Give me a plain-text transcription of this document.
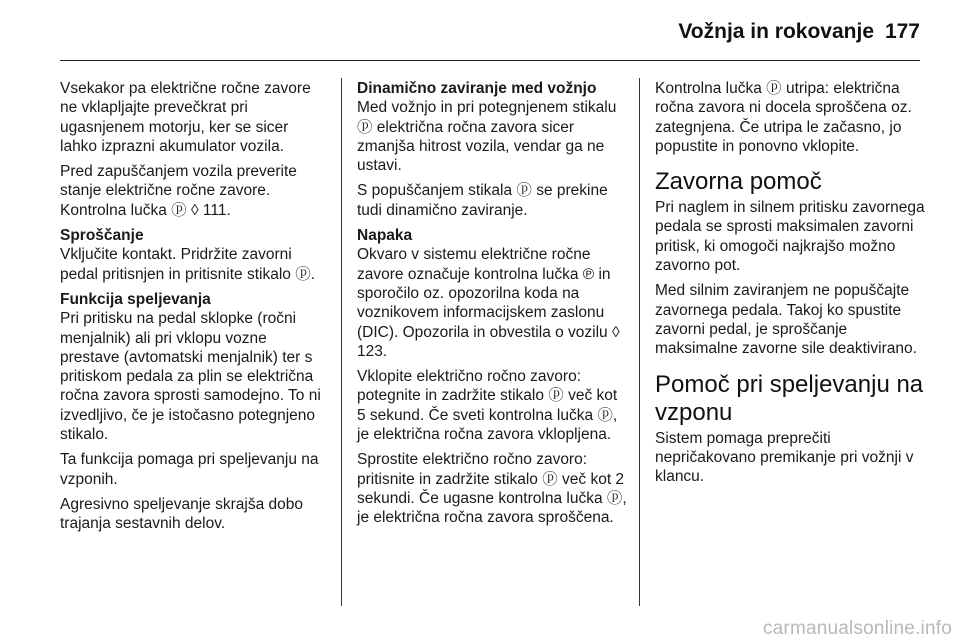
Vožnja in rokovanje 177

Vsekakor pa električne ročne zavore ne vklapljajte prevečkrat pri ugasnjenem motorju, ker se sicer lahko izprazni akumulator vozila.

Pred zapuščanjem vozila preverite stanje električne ročne zavore. Kontrolna lučka ⓟ ◊ 111.

Sproščanje

Vključite kontakt. Pridržite zavorni pedal pritisnjen in pritisnite stikalo ⓟ.

Funkcija speljevanja

Pri pritisku na pedal sklopke (ročni menjalnik) ali pri vklopu vozne prestave (avtomatski menjalnik) ter s pritiskom pedala za plin se električna ročna zavora sprosti samodejno. To ni izvedljivo, če je istočasno potegnjeno stikalo.

Ta funkcija pomaga pri speljevanju na vzponih.

Agresivno speljevanje skrajša dobo trajanja sestavnih delov.

Dinamično zaviranje med vožnjo

Med vožnjo in pri potegnjenem stikalu ⓟ električna ročna zavora sicer zmanjša hitrost vozila, vendar ga ne ustavi.

S popuščanjem stikala ⓟ se prekine tudi dinamično zaviranje.

Napaka

Okvaro v sistemu električne ročne zavore označuje kontrolna lučka ℗ in sporočilo oz. opozorilna koda na voznikovem informacijskem zaslonu (DIC). Opozorila in obvestila o vozilu ◊ 123.

Vklopite električno ročno zavoro: potegnite in zadržite stikalo ⓟ več kot 5 sekund. Če sveti kontrolna lučka ⓟ, je električna ročna zavora vklopljena.

Sprostite električno ročno zavoro: pritisnite in zadržite stikalo ⓟ več kot 2 sekundi. Če ugasne kontrolna lučka ⓟ, je električna ročna zavora sproščena.

Kontrolna lučka ⓟ utripa: električna ročna zavora ni docela sproščena oz. zategnjena. Če utripa le začasno, jo popustite in ponovno vklopite.

Zavorna pomoč

Pri naglem in silnem pritisku zavornega pedala se sprosti maksimalen zavorni pritisk, ki omogoči najkrajšo možno zavorno pot.

Med silnim zaviranjem ne popuščajte zavornega pedala. Takoj ko spustite zavorni pedal, je sproščanje maksimalne zavorne sile deaktivirano.

Pomoč pri speljevanju na vzponu

Sistem pomaga preprečiti nepričakovano premikanje pri vožnji v klancu.

carmanualsonline.info
